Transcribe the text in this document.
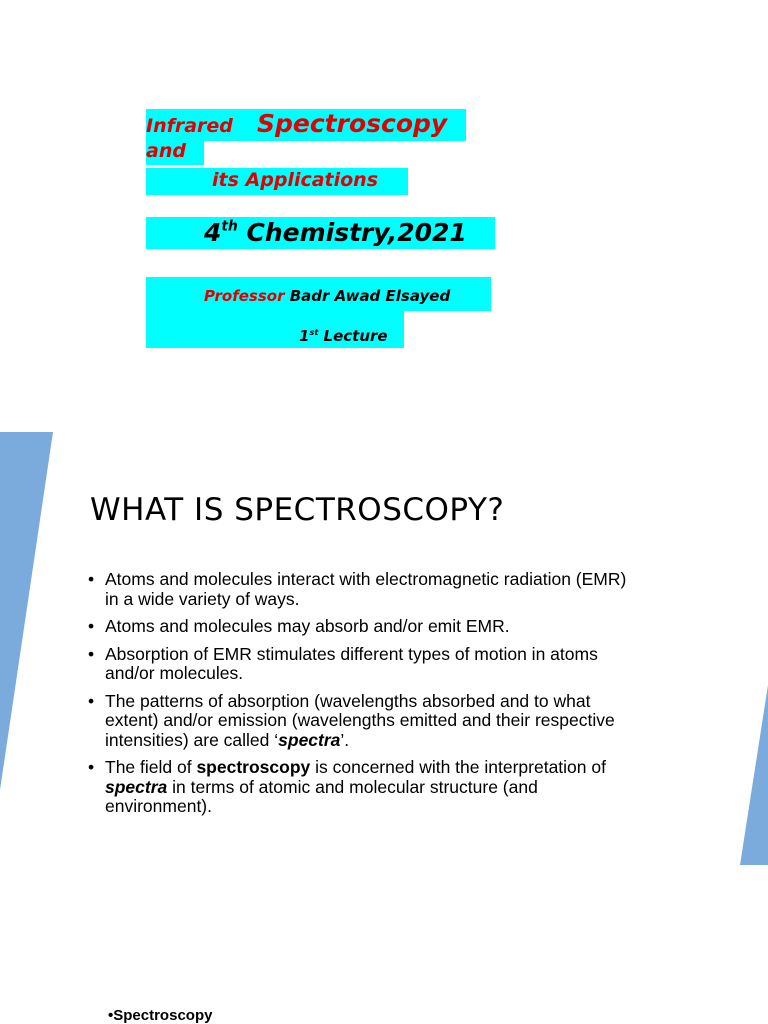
Infrared Spectroscopy
and
its Applications
4th Chemistry,2021
Professor Badr Awad Elsayed
1st Lecture
WHAT IS SPECTROSCOPY?
• Atoms and molecules interact with electromagnetic radiation (EMR) in a wide variety of ways.
• Atoms and molecules may absorb and/or emit EMR.
• Absorption of EMR stimulates different types of motion in atoms and/or molecules.
• The patterns of absorption (wavelengths absorbed and to what extent) and/or emission (wavelengths emitted and their respective intensities) are called ‘spectra’.
• The field of spectroscopy is concerned with the interpretation of spectra in terms of atomic and molecular structure (and environment).

•Spectroscopy
